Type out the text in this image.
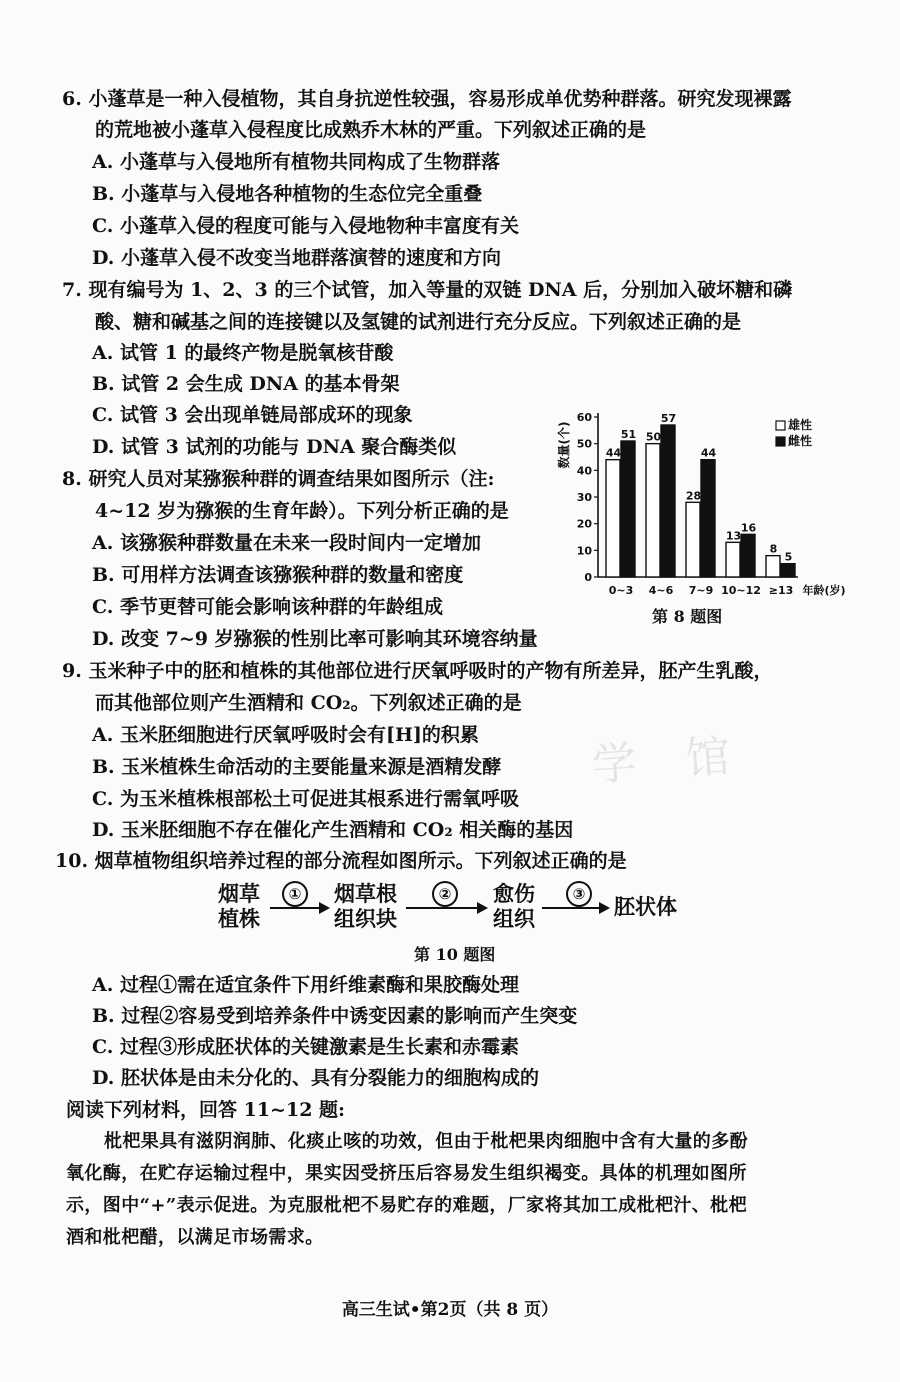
6. 小蓬草是一种入侵植物，其自身抗逆性较强，容易形成单优势种群落。研究发现裸露
的荒地被小蓬草入侵程度比成熟乔木林的严重。下列叙述正确的是
A. 小蓬草与入侵地所有植物共同构成了生物群落
B. 小蓬草与入侵地各种植物的生态位完全重叠
C. 小蓬草入侵的程度可能与入侵地物种丰富度有关
D. 小蓬草入侵不改变当地群落演替的速度和方向
7. 现有编号为 1、2、3 的三个试管，加入等量的双链 DNA 后，分别加入破坏糖和磷
酸、糖和碱基之间的连接键以及氢键的试剂进行充分反应。下列叙述正确的是
A. 试管 1 的最终产物是脱氧核苷酸
B. 试管 2 会生成 DNA 的基本骨架
C. 试管 3 会出现单链局部成环的现象
D. 试管 3 试剂的功能与 DNA 聚合酶类似
8. 研究人员对某猕猴种群的调查结果如图所示（注:
4~12 岁为猕猴的生育年龄）。下列分析正确的是
A. 该猕猴种群数量在未来一段时间内一定增加
B. 可用样方法调查该猕猴种群的数量和密度
C. 季节更替可能会影响该种群的年龄组成
D. 改变 7~9 岁猕猴的性别比率可影响其环境容纳量
0
10
20
30
40
50
60
数量(个)	44
51
0~3
50
57
4~6
28
44
7~9
13
16
10~12
8
5
≥13 年龄(岁)
雄性
雌性
第 8 题图
9. 玉米种子中的胚和植株的其他部位进行厌氧呼吸时的产物有所差异，胚产生乳酸，
而其他部位则产生酒精和 CO₂。下列叙述正确的是
A. 玉米胚细胞进行厌氧呼吸时会有[H]的积累
B. 玉米植株生命活动的主要能量来源是酒精发酵
C. 为玉米植株根部松土可促进其根系进行需氧呼吸
D. 玉米胚细胞不存在催化产生酒精和 CO₂ 相关酶的基因
学 馆
10. 烟草植物组织培养过程的部分流程如图所示。下列叙述正确的是
烟草
植株
①	烟草根
组织块
②	愈伤
组织
③	胚状体
第 10 题图
A. 过程①需在适宜条件下用纤维素酶和果胶酶处理
B. 过程②容易受到培养条件中诱变因素的影响而产生突变
C. 过程③形成胚状体的关键激素是生长素和赤霉素
D. 胚状体是由未分化的、具有分裂能力的细胞构成的
阅读下列材料，回答 11~12 题:
枇杷果具有滋阴润肺、化痰止咳的功效，但由于枇杷果肉细胞中含有大量的多酚
氧化酶，在贮存运输过程中，果实因受挤压后容易发生组织褐变。具体的机理如图所
示，图中“+”表示促进。为克服枇杷不易贮存的难题，厂家将其加工成枇杷汁、枇杷
酒和枇杷醋，以满足市场需求。
高三生试•第2页（共 8 页）
